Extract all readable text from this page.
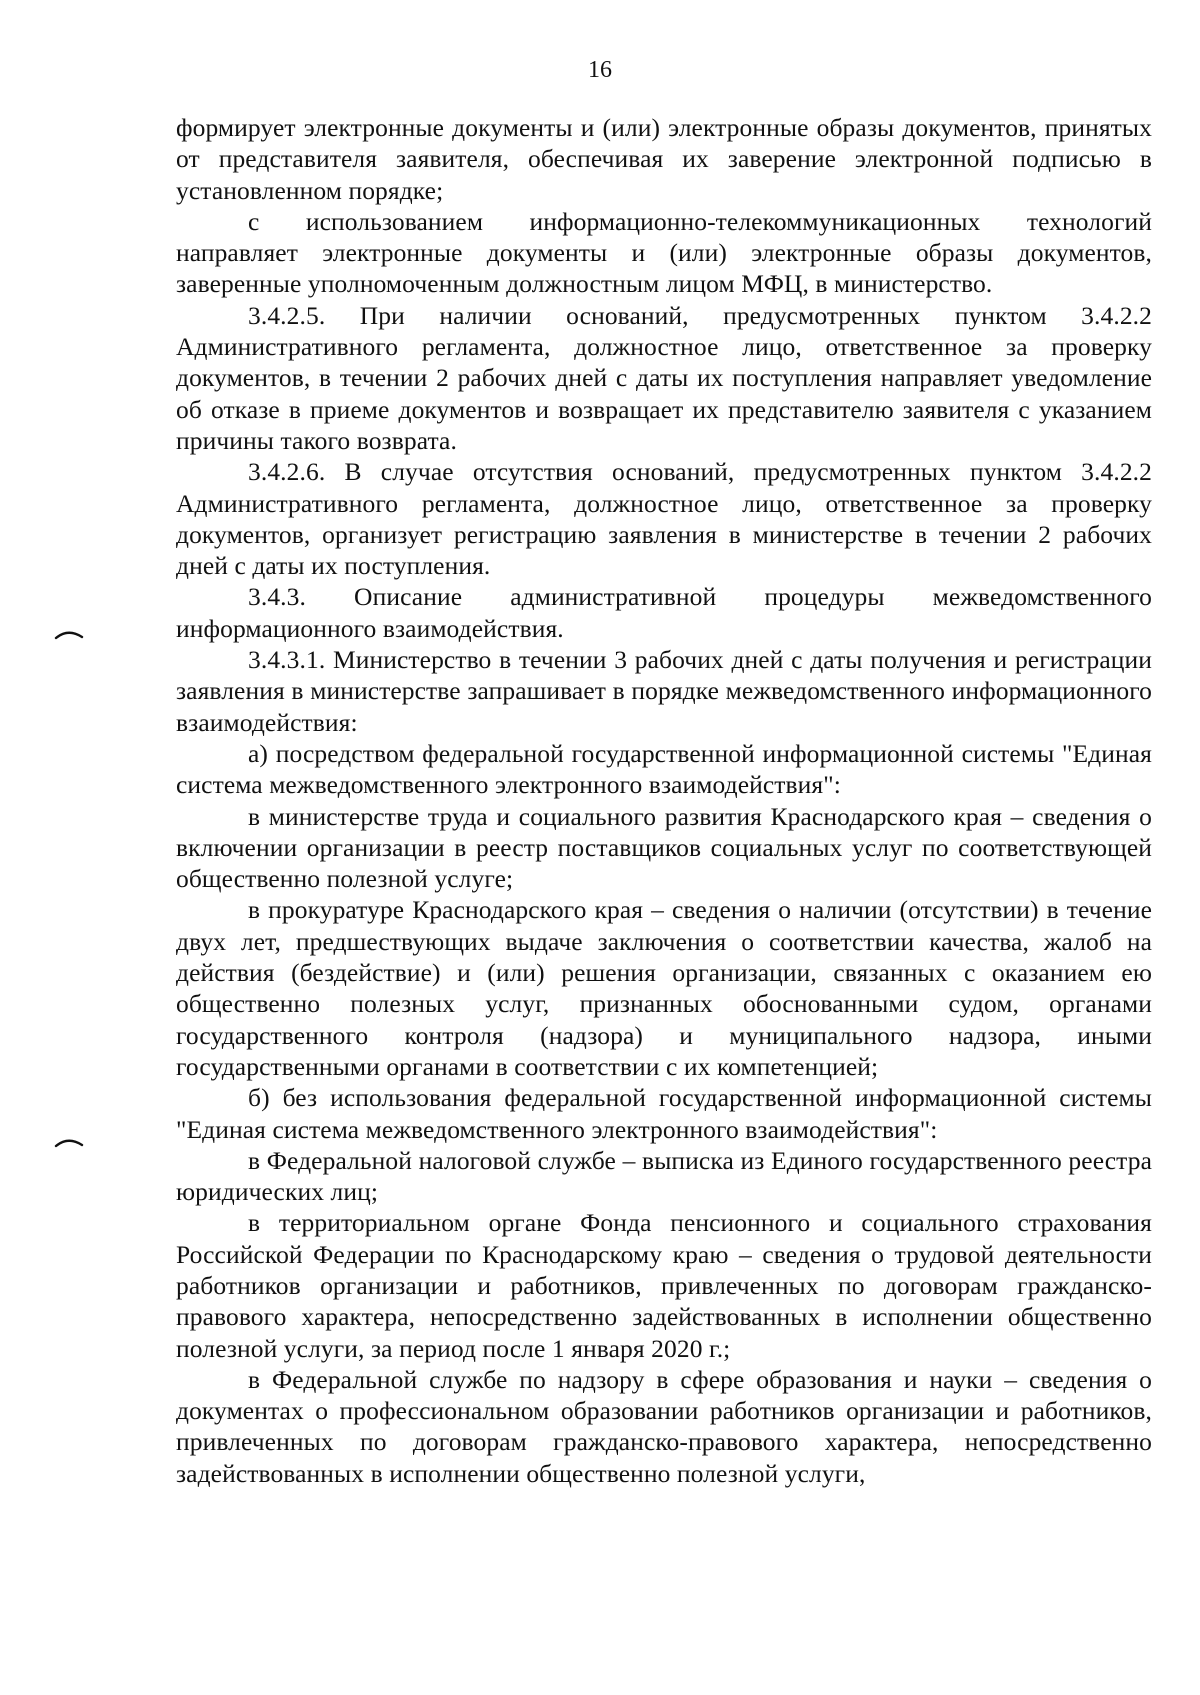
16

формирует электронные документы и (или) электронные образы документов, принятых от представителя заявителя, обеспечивая их заверение электронной подписью в установленном порядке;

с использованием информационно-телекоммуникационных технологий направляет электронные документы и (или) электронные образы документов, заверенные уполномоченным должностным лицом МФЦ, в министерство.

3.4.2.5. При наличии оснований, предусмотренных пунктом 3.4.2.2 Административного регламента, должностное лицо, ответственное за проверку документов, в течении 2 рабочих дней с даты их поступления направляет уведомление об отказе в приеме документов и возвращает их представителю заявителя с указанием причины такого возврата.

3.4.2.6. В случае отсутствия оснований, предусмотренных пунктом 3.4.2.2 Административного регламента, должностное лицо, ответственное за проверку документов, организует регистрацию заявления в министерстве в течении 2 рабочих дней с даты их поступления.

3.4.3. Описание административной процедуры межведомственного информационного взаимодействия.

3.4.3.1. Министерство в течении 3 рабочих дней с даты получения и регистрации заявления в министерстве запрашивает в порядке межведомственного информационного взаимодействия:

а) посредством федеральной государственной информационной системы "Единая система межведомственного электронного взаимодействия":

в министерстве труда и социального развития Краснодарского края – сведения о включении организации в реестр поставщиков социальных услуг по соответствующей общественно полезной услуге;

в прокуратуре Краснодарского края – сведения о наличии (отсутствии) в течение двух лет, предшествующих выдаче заключения о соответствии качества, жалоб на действия (бездействие) и (или) решения организации, связанных с оказанием ею общественно полезных услуг, признанных обоснованными судом, органами государственного контроля (надзора) и муниципального надзора, иными государственными органами в соответствии с их компетенцией;

б) без использования федеральной государственной информационной системы "Единая система межведомственного электронного взаимодействия":

в Федеральной налоговой службе – выписка из Единого государственного реестра юридических лиц;

в территориальном органе Фонда пенсионного и социального страхования Российской Федерации по Краснодарскому краю – сведения о трудовой деятельности работников организации и работников, привлеченных по договорам гражданско-правового характера, непосредственно задействованных в исполнении общественно полезной услуги, за период после 1 января 2020 г.;

в Федеральной службе по надзору в сфере образования и науки – сведения о документах о профессиональном образовании работников организации и работников, привлеченных по договорам гражданско-правового характера, непосредственно задействованных в исполнении общественно полезной услуги,
